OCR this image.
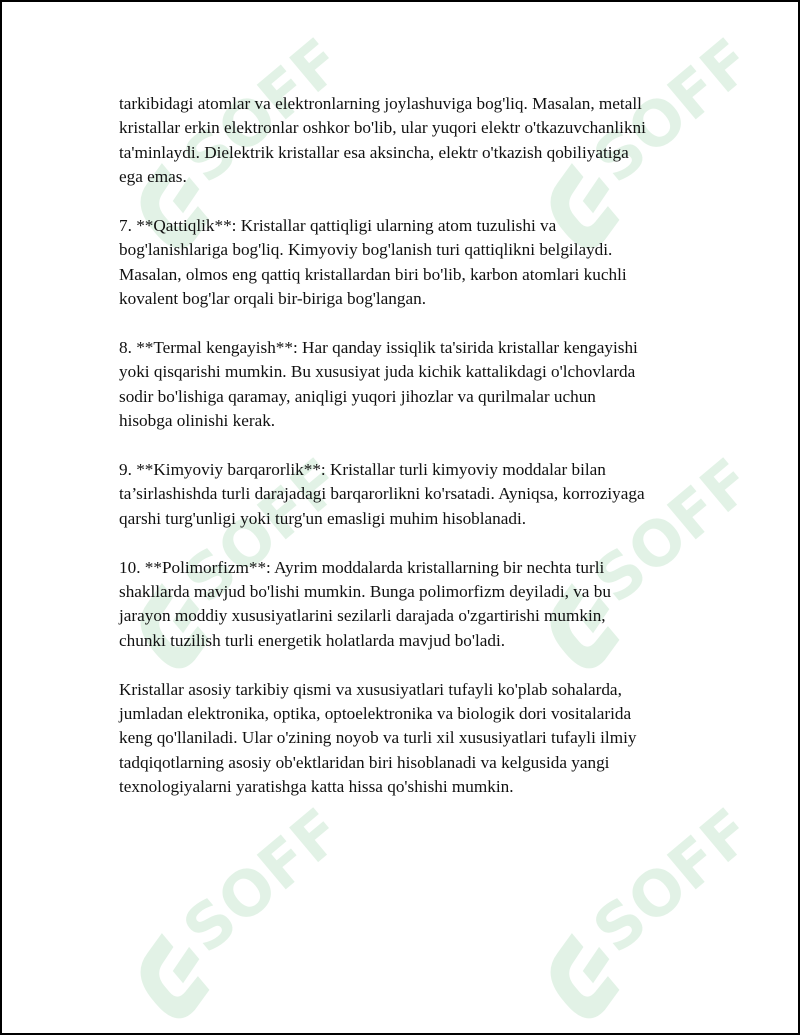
SOFF	SOFF
SOFF	SOFF
SOFF	SOFF

tarkibidagi atomlar va elektronlarning joylashuviga bog'liq. Masalan, metall
kristallar erkin elektronlar oshkor bo'lib, ular yuqori elektr o'tkazuvchanlikni
ta'minlaydi. Dielektrik kristallar esa aksincha, elektr o'tkazish qobiliyatiga
ega emas.

7. **Qattiqlik**: Kristallar qattiqligi ularning atom tuzulishi va
bog'lanishlariga bog'liq. Kimyoviy bog'lanish turi qattiqlikni belgilaydi.
Masalan, olmos eng qattiq kristallardan biri bo'lib, karbon atomlari kuchli
kovalent bog'lar orqali bir-biriga bog'langan.

8. **Termal kengayish**: Har qanday issiqlik ta'sirida kristallar kengayishi
yoki qisqarishi mumkin. Bu xususiyat juda kichik kattalikdagi o'lchovlarda
sodir bo'lishiga qaramay, aniqligi yuqori jihozlar va qurilmalar uchun
hisobga olinishi kerak.

9. **Kimyoviy barqarorlik**: Kristallar turli kimyoviy moddalar bilan
ta’sirlashishda turli darajadagi barqarorlikni ko'rsatadi. Ayniqsa, korroziyaga
qarshi turg'unligi yoki turg'un emasligi muhim hisoblanadi.

10. **Polimorfizm**: Ayrim moddalarda kristallarning bir nechta turli
shakllarda mavjud bo'lishi mumkin. Bunga polimorfizm deyiladi, va bu
jarayon moddiy xususiyatlarini sezilarli darajada o'zgartirishi mumkin,
chunki tuzilish turli energetik holatlarda mavjud bo'ladi.

Kristallar asosiy tarkibiy qismi va xususiyatlari tufayli ko'plab sohalarda,
jumladan elektronika, optika, optoelektronika va biologik dori vositalarida
keng qo'llaniladi. Ular o'zining noyob va turli xil xususiyatlari tufayli ilmiy
tadqiqotlarning asosiy ob'ektlaridan biri hisoblanadi va kelgusida yangi
texnologiyalarni yaratishga katta hissa qo'shishi mumkin.
